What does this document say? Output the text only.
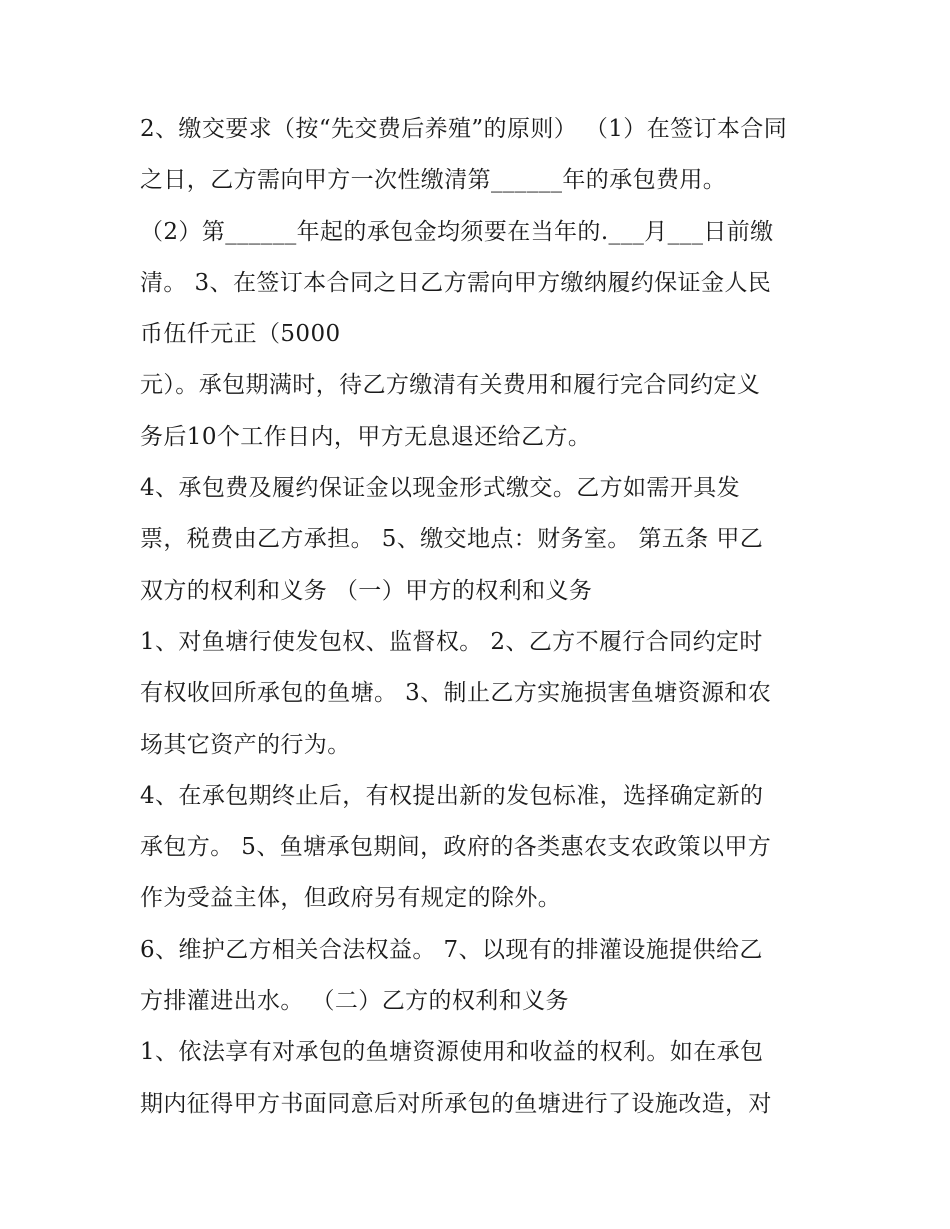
2、缴交要求（按“先交费后养殖”的原则） （1）在签订本合同
之日，乙方需向甲方一次性缴清第______年的承包费用。
（2）第______年起的承包金均须要在当年的.___月___日前缴
清。 3、在签订本合同之日乙方需向甲方缴纳履约保证金人民
币伍仟元正（5000
元）。承包期满时，待乙方缴清有关费用和履行完合同约定义
务后10个工作日内，甲方无息退还给乙方。
4、承包费及履约保证金以现金形式缴交。乙方如需开具发
票，税费由乙方承担。 5、缴交地点：财务室。 第五条 甲乙
双方的权利和义务 （一）甲方的权利和义务
1、对鱼塘行使发包权、监督权。 2、乙方不履行合同约定时
有权收回所承包的鱼塘。 3、制止乙方实施损害鱼塘资源和农
场其它资产的行为。
4、在承包期终止后，有权提出新的发包标准，选择确定新的
承包方。 5、鱼塘承包期间，政府的各类惠农支农政策以甲方
作为受益主体，但政府另有规定的除外。
6、维护乙方相关合法权益。 7、以现有的排灌设施提供给乙
方排灌进出水。 （二）乙方的权利和义务
1、依法享有对承包的鱼塘资源使用和收益的权利。如在承包
期内征得甲方书面同意后对所承包的鱼塘进行了设施改造，对
